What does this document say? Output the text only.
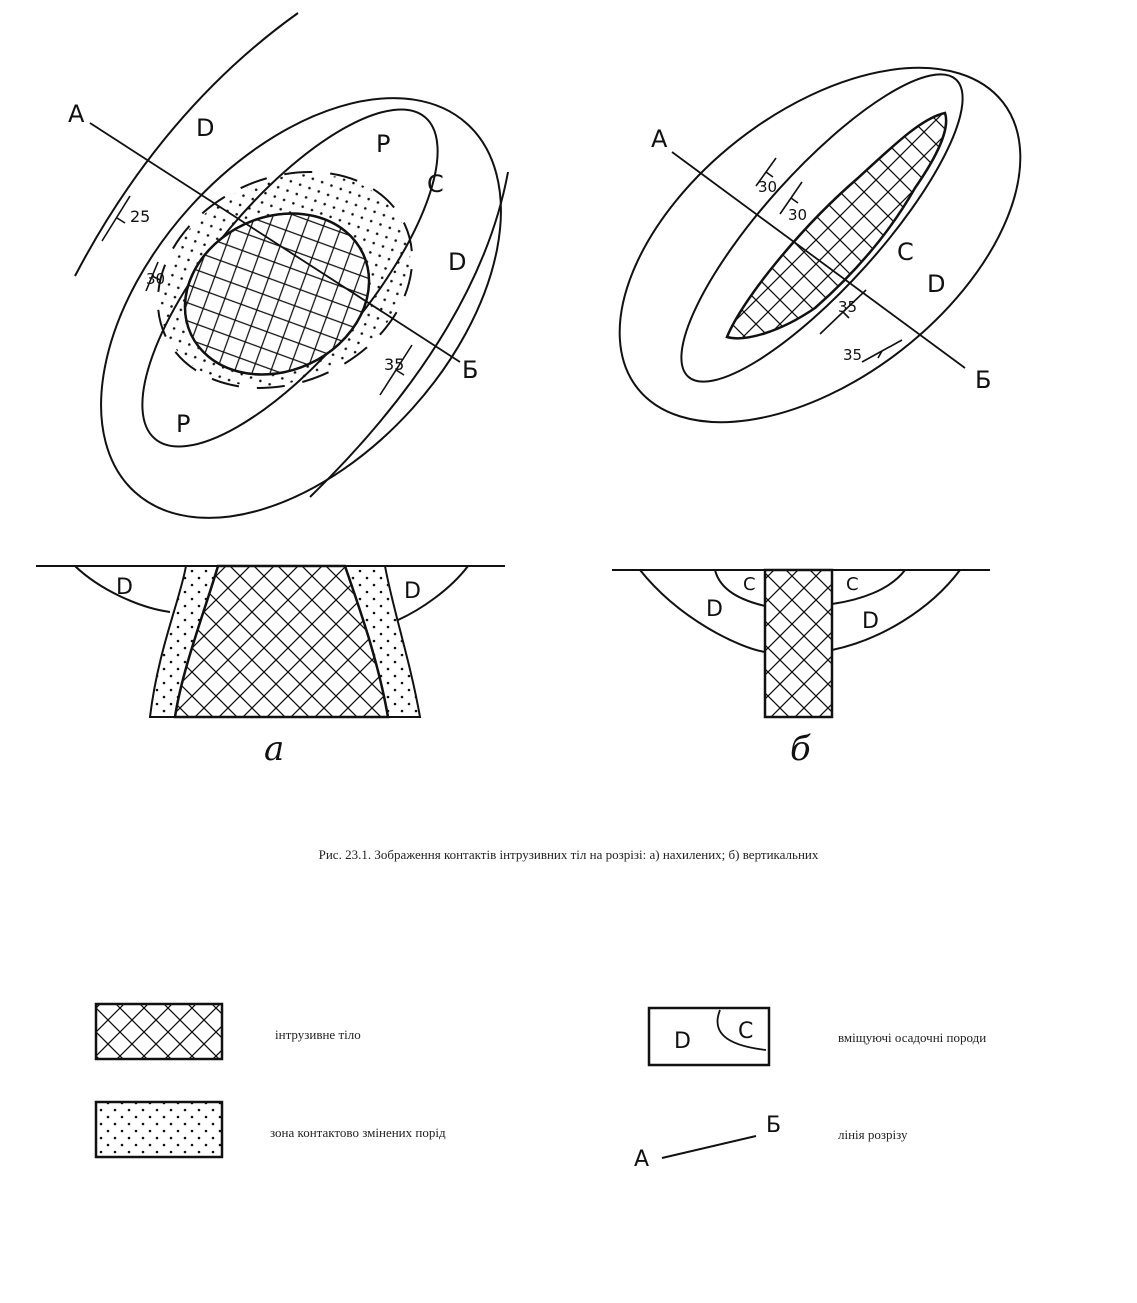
А
Б
D
P
C
D
P
25
30
35
А
Б
C
D
30
30
35
35
D	D
а
C	C
D	D
б
D C
А
Б
Рис. 23.1. Зображення контактів інтрузивних тіл на розрізі: а) нахилених; б) вертикальних
інтрузивне тіло
зона контактово змінених порід
вміщуючі осадочні породи
лінія розрізу
